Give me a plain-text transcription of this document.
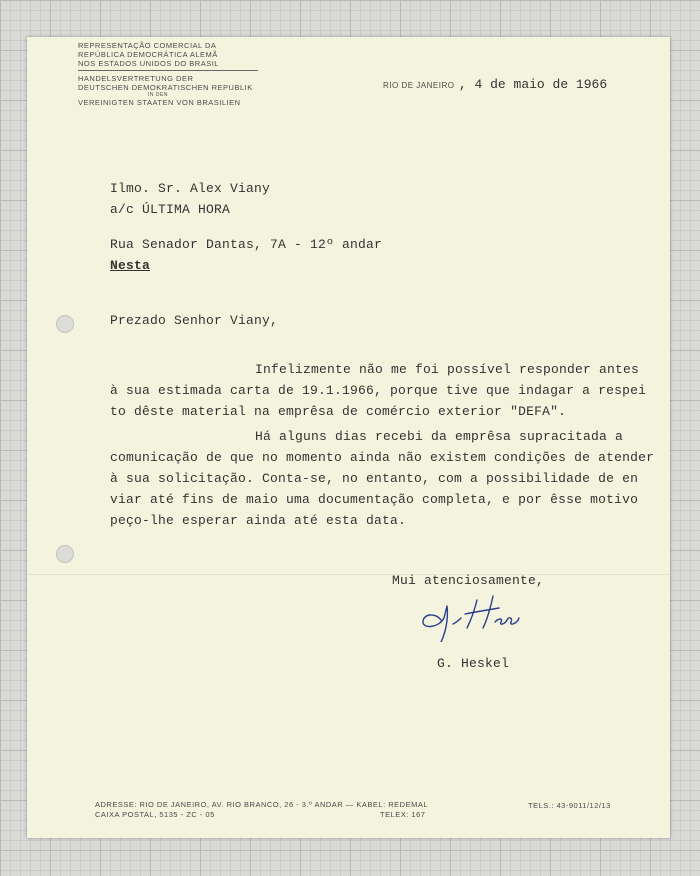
REPRESENTAÇÃO COMERCIAL DA
REPÚBLICA DEMOCRÁTICA ALEMÃ
NOS ESTADOS UNIDOS DO BRASIL
HANDELSVERTRETUNG DER
DEUTSCHEN DEMOKRATISCHEN REPUBLIK
IN DEN
VEREINIGTEN STAATEN VON BRASILIEN
RIO DE JANEIRO , 4 de maio de 1966
Ilmo. Sr. Alex Viany
a/c ÚLTIMA HORA
Rua Senador Dantas, 7A - 12º andar
Nesta
Prezado Senhor Viany,
Infelizmente não me foi possível responder antes
à sua estimada carta de 19.1.1966, porque tive que indagar a respei
to dêste material na emprêsa de comércio exterior "DEFA".
Há alguns dias recebi da emprêsa supracitada a
comunicação de que no momento ainda não existem condições de atender
à sua solicitação. Conta-se, no entanto, com a possibilidade de en
viar até fins de maio uma documentação completa, e por êsse motivo
peço-lhe esperar ainda até esta data.
Mui atenciosamente,
G. Heskel
ADRESSE: RIO DE JANEIRO, AV. RIO BRANCO, 26 - 3.º ANDAR — KABEL: REDEMAL
CAIXA POSTAL, 5135 - ZC - 05	TELEX: 167
TELS.: 43-9011/12/13
